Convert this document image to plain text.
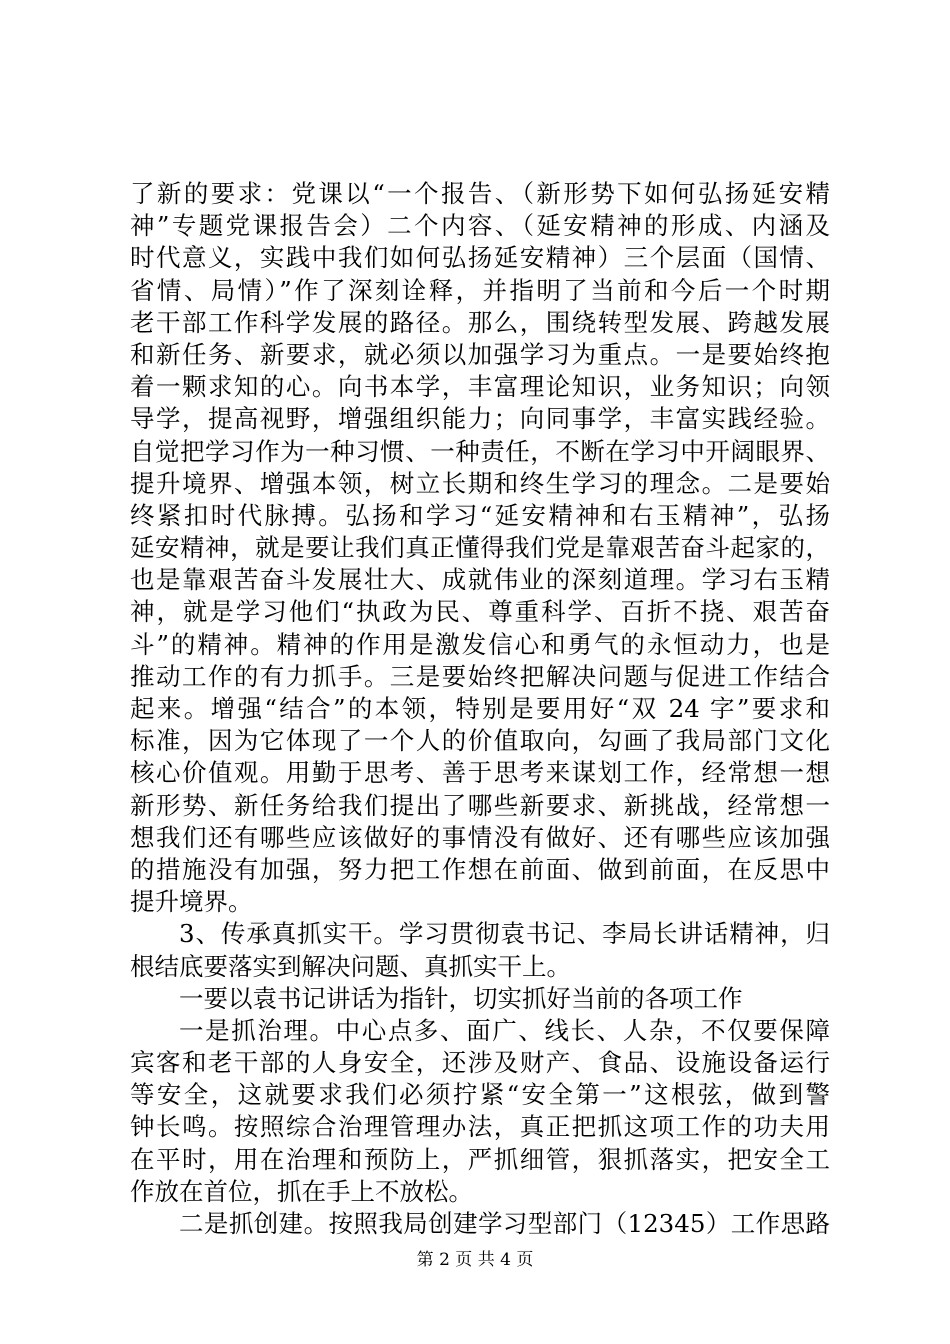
了新的要求：党课以“一个报告、（新形势下如何弘扬延安精
神”专题党课报告会）二个内容、（延安精神的形成、内涵及
时代意义，实践中我们如何弘扬延安精神）三个层面（国情、
省情、局情）”作了深刻诠释，并指明了当前和今后一个时期
老干部工作科学发展的路径。那么，围绕转型发展、跨越发展
和新任务、新要求，就必须以加强学习为重点。一是要始终抱
着一颗求知的心。向书本学，丰富理论知识，业务知识；向领
导学，提高视野，增强组织能力；向同事学，丰富实践经验。
自觉把学习作为一种习惯、一种责任，不断在学习中开阔眼界、
提升境界、增强本领，树立长期和终生学习的理念。二是要始
终紧扣时代脉搏。弘扬和学习“延安精神和右玉精神”，弘扬
延安精神，就是要让我们真正懂得我们党是靠艰苦奋斗起家的，
也是靠艰苦奋斗发展壮大、成就伟业的深刻道理。学习右玉精
神，就是学习他们“执政为民、尊重科学、百折不挠、艰苦奋
斗”的精神。精神的作用是激发信心和勇气的永恒动力，也是
推动工作的有力抓手。三是要始终把解决问题与促进工作结合
起来。增强“结合”的本领，特别是要用好“双 24 字”要求和
标准，因为它体现了一个人的价值取向，勾画了我局部门文化
核心价值观。用勤于思考、善于思考来谋划工作，经常想一想
新形势、新任务给我们提出了哪些新要求、新挑战，经常想一
想我们还有哪些应该做好的事情没有做好、还有哪些应该加强
的措施没有加强，努力把工作想在前面、做到前面，在反思中
提升境界。
3、传承真抓实干。学习贯彻袁书记、李局长讲话精神，归
根结底要落实到解决问题、真抓实干上。
一要以袁书记讲话为指针，切实抓好当前的各项工作
一是抓治理。中心点多、面广、线长、人杂，不仅要保障
宾客和老干部的人身安全，还涉及财产、食品、设施设备运行
等安全，这就要求我们必须拧紧“安全第一”这根弦，做到警
钟长鸣。按照综合治理管理办法，真正把抓这项工作的功夫用
在平时，用在治理和预防上，严抓细管，狠抓落实，把安全工
作放在首位，抓在手上不放松。
二是抓创建。按照我局创建学习型部门（12345）工作思路
第 2 页 共 4 页
